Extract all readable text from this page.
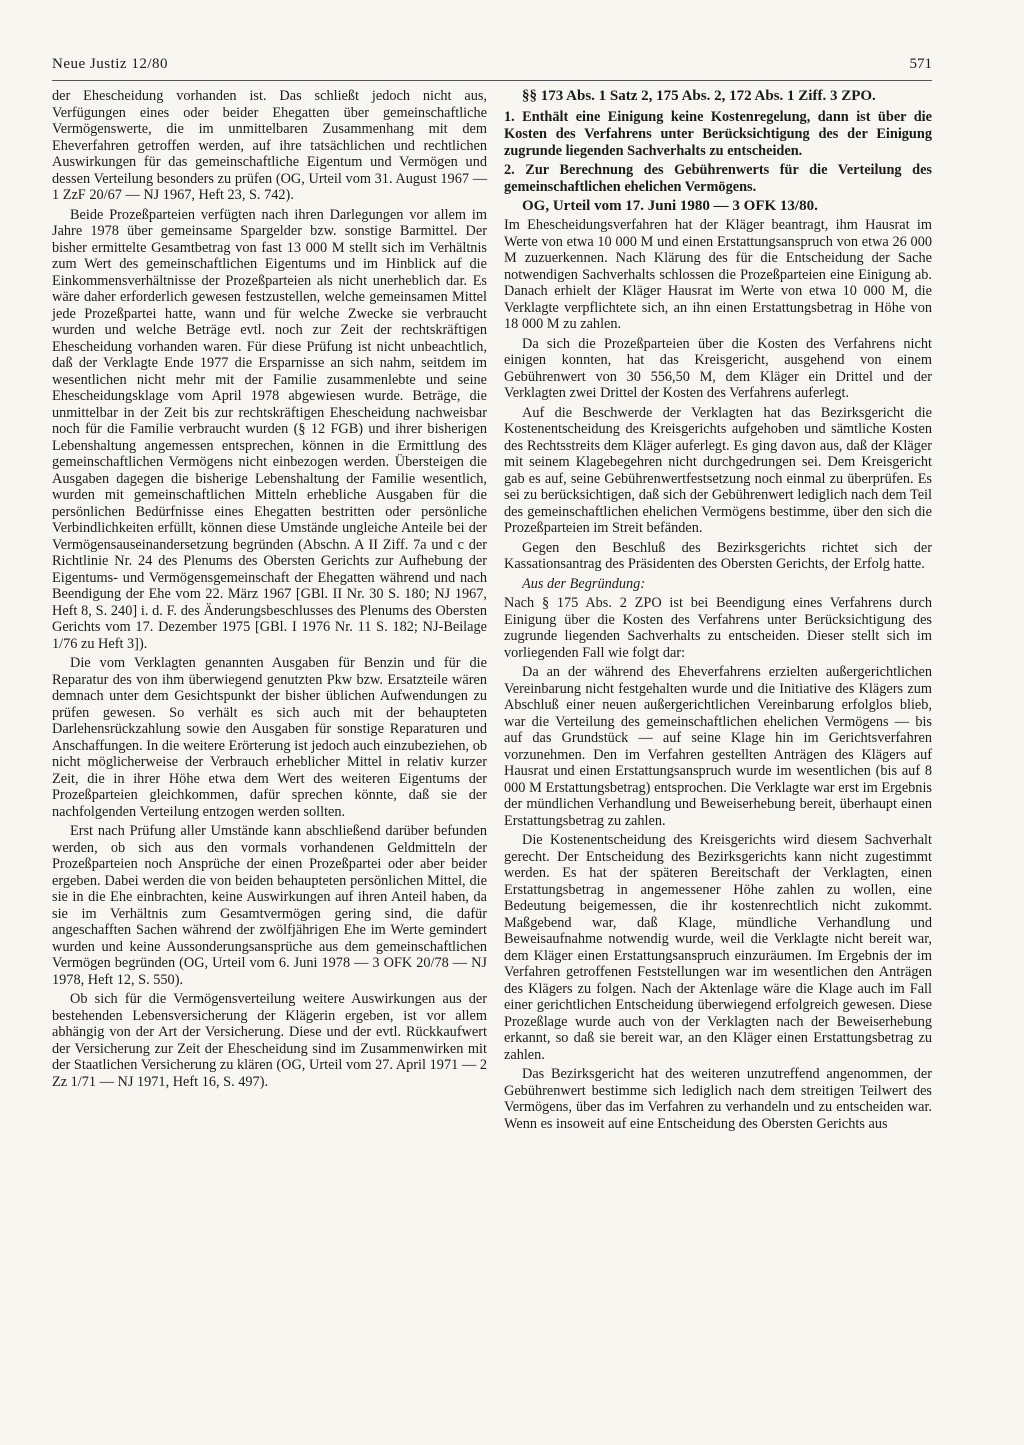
Neue Justiz 12/80	571

der Ehescheidung vorhanden ist. Das schließt jedoch nicht aus, Verfügungen eines oder beider Ehegatten über gemeinschaftliche Vermögenswerte, die im unmittelbaren Zusammenhang mit dem Eheverfahren getroffen werden, auf ihre tatsächlichen und rechtlichen Auswirkungen für das gemeinschaftliche Eigentum und Vermögen und dessen Verteilung besonders zu prüfen (OG, Urteil vom 31. August 1967 — 1 ZzF 20/67 — NJ 1967, Heft 23, S. 742).

Beide Prozeßparteien verfügten nach ihren Darlegungen vor allem im Jahre 1978 über gemeinsame Spargelder bzw. sonstige Barmittel. Der bisher ermittelte Gesamtbetrag von fast 13 000 M stellt sich im Verhältnis zum Wert des gemeinschaftlichen Eigentums und im Hinblick auf die Einkommensverhältnisse der Prozeßparteien als nicht unerheblich dar. Es wäre daher erforderlich gewesen festzustellen, welche gemeinsamen Mittel jede Prozeßpartei hatte, wann und für welche Zwecke sie verbraucht wurden und welche Beträge evtl. noch zur Zeit der rechtskräftigen Ehescheidung vorhanden waren. Für diese Prüfung ist nicht unbeachtlich, daß der Verklagte Ende 1977 die Ersparnisse an sich nahm, seitdem im wesentlichen nicht mehr mit der Familie zusammenlebte und seine Ehescheidungsklage vom April 1978 abgewiesen wurde. Beträge, die unmittelbar in der Zeit bis zur rechtskräftigen Ehescheidung nachweisbar noch für die Familie verbraucht wurden (§ 12 FGB) und ihrer bisherigen Lebenshaltung angemessen entsprechen, können in die Ermittlung des gemeinschaftlichen Vermögens nicht einbezogen werden. Übersteigen die Ausgaben dagegen die bisherige Lebenshaltung der Familie wesentlich, wurden mit gemeinschaftlichen Mitteln erhebliche Ausgaben für die persönlichen Bedürfnisse eines Ehegatten bestritten oder persönliche Verbindlichkeiten erfüllt, können diese Umstände ungleiche Anteile bei der Vermögensauseinandersetzung begründen (Abschn. A II Ziff. 7a und c der Richtlinie Nr. 24 des Plenums des Obersten Gerichts zur Aufhebung der Eigentums- und Vermögensgemeinschaft der Ehegatten während und nach Beendigung der Ehe vom 22. März 1967 [GBl. II Nr. 30 S. 180; NJ 1967, Heft 8, S. 240] i. d. F. des Änderungsbeschlusses des Plenums des Obersten Gerichts vom 17. Dezember 1975 [GBl. I 1976 Nr. 11 S. 182; NJ-Beilage 1/76 zu Heft 3]).

Die vom Verklagten genannten Ausgaben für Benzin und für die Reparatur des von ihm überwiegend genutzten Pkw bzw. Ersatzteile wären demnach unter dem Gesichtspunkt der bisher üblichen Aufwendungen zu prüfen gewesen. So verhält es sich auch mit der behaupteten Darlehensrückzahlung sowie den Ausgaben für sonstige Reparaturen und Anschaffungen. In die weitere Erörterung ist jedoch auch einzubeziehen, ob nicht möglicherweise der Verbrauch erheblicher Mittel in relativ kurzer Zeit, die in ihrer Höhe etwa dem Wert des weiteren Eigentums der Prozeßparteien gleichkommen, dafür sprechen könnte, daß sie der nachfolgenden Verteilung entzogen werden sollten.

Erst nach Prüfung aller Umstände kann abschließend darüber befunden werden, ob sich aus den vormals vorhandenen Geldmitteln der Prozeßparteien noch Ansprüche der einen Prozeßpartei oder aber beider ergeben. Dabei werden die von beiden behaupteten persönlichen Mittel, die sie in die Ehe einbrachten, keine Auswirkungen auf ihren Anteil haben, da sie im Verhältnis zum Gesamtvermögen gering sind, die dafür angeschafften Sachen während der zwölfjährigen Ehe im Werte gemindert wurden und keine Aussonderungsansprüche aus dem gemeinschaftlichen Vermögen begründen (OG, Urteil vom 6. Juni 1978 — 3 OFK 20/78 — NJ 1978, Heft 12, S. 550).

Ob sich für die Vermögensverteilung weitere Auswirkungen aus der bestehenden Lebensversicherung der Klägerin ergeben, ist vor allem abhängig von der Art der Versicherung. Diese und der evtl. Rückkaufwert der Versicherung zur Zeit der Ehescheidung sind im Zusammenwirken mit der Staatlichen Versicherung zu klären (OG, Urteil vom 27. April 1971 — 2 Zz 1/71 — NJ 1971, Heft 16, S. 497).

§§ 173 Abs. 1 Satz 2, 175 Abs. 2, 172 Abs. 1 Ziff. 3 ZPO.

1. Enthält eine Einigung keine Kostenregelung, dann ist über die Kosten des Verfahrens unter Berücksichtigung des der Einigung zugrunde liegenden Sachverhalts zu entscheiden.

2. Zur Berechnung des Gebührenwerts für die Verteilung des gemeinschaftlichen ehelichen Vermögens.

OG, Urteil vom 17. Juni 1980 — 3 OFK 13/80.

Im Ehescheidungsverfahren hat der Kläger beantragt, ihm Hausrat im Werte von etwa 10 000 M und einen Erstattungsanspruch von etwa 26 000 M zuzuerkennen. Nach Klärung des für die Entscheidung der Sache notwendigen Sachverhalts schlossen die Prozeßparteien eine Einigung ab. Danach erhielt der Kläger Hausrat im Werte von etwa 10 000 M, die Verklagte verpflichtete sich, an ihn einen Erstattungsbetrag in Höhe von 18 000 M zu zahlen.

Da sich die Prozeßparteien über die Kosten des Verfahrens nicht einigen konnten, hat das Kreisgericht, ausgehend von einem Gebührenwert von 30 556,50 M, dem Kläger ein Drittel und der Verklagten zwei Drittel der Kosten des Verfahrens auferlegt.

Auf die Beschwerde der Verklagten hat das Bezirksgericht die Kostenentscheidung des Kreisgerichts aufgehoben und sämtliche Kosten des Rechtsstreits dem Kläger auferlegt. Es ging davon aus, daß der Kläger mit seinem Klagebegehren nicht durchgedrungen sei. Dem Kreisgericht gab es auf, seine Gebührenwertfestsetzung noch einmal zu überprüfen. Es sei zu berücksichtigen, daß sich der Gebührenwert lediglich nach dem Teil des gemeinschaftlichen ehelichen Vermögens bestimme, über den sich die Prozeßparteien im Streit befänden.

Gegen den Beschluß des Bezirksgerichts richtet sich der Kassationsantrag des Präsidenten des Obersten Gerichts, der Erfolg hatte.

Aus der Begründung:

Nach § 175 Abs. 2 ZPO ist bei Beendigung eines Verfahrens durch Einigung über die Kosten des Verfahrens unter Berücksichtigung des zugrunde liegenden Sachverhalts zu entscheiden. Dieser stellt sich im vorliegenden Fall wie folgt dar:

Da an der während des Eheverfahrens erzielten außergerichtlichen Vereinbarung nicht festgehalten wurde und die Initiative des Klägers zum Abschluß einer neuen außergerichtlichen Vereinbarung erfolglos blieb, war die Verteilung des gemeinschaftlichen ehelichen Vermögens — bis auf das Grundstück — auf seine Klage hin im Gerichtsverfahren vorzunehmen. Den im Verfahren gestellten Anträgen des Klägers auf Hausrat und einen Erstattungsanspruch wurde im wesentlichen (bis auf 8 000 M Erstattungsbetrag) entsprochen. Die Verklagte war erst im Ergebnis der mündlichen Verhandlung und Beweiserhebung bereit, überhaupt einen Erstattungsbetrag zu zahlen.

Die Kostenentscheidung des Kreisgerichts wird diesem Sachverhalt gerecht. Der Entscheidung des Bezirksgerichts kann nicht zugestimmt werden. Es hat der späteren Bereitschaft der Verklagten, einen Erstattungsbetrag in angemessener Höhe zahlen zu wollen, eine Bedeutung beigemessen, die ihr kostenrechtlich nicht zukommt. Maßgebend war, daß Klage, mündliche Verhandlung und Beweisaufnahme notwendig wurde, weil die Verklagte nicht bereit war, dem Kläger einen Erstattungsanspruch einzuräumen. Im Ergebnis der im Verfahren getroffenen Feststellungen war im wesentlichen den Anträgen des Klägers zu folgen. Nach der Aktenlage wäre die Klage auch im Fall einer gerichtlichen Entscheidung überwiegend erfolgreich gewesen. Diese Prozeßlage wurde auch von der Verklagten nach der Beweiserhebung erkannt, so daß sie bereit war, an den Kläger einen Erstattungsbetrag zu zahlen.

Das Bezirksgericht hat des weiteren unzutreffend angenommen, der Gebührenwert bestimme sich lediglich nach dem streitigen Teilwert des Vermögens, über das im Verfahren zu verhandeln und zu entscheiden war. Wenn es insoweit auf eine Entscheidung des Obersten Gerichts aus
